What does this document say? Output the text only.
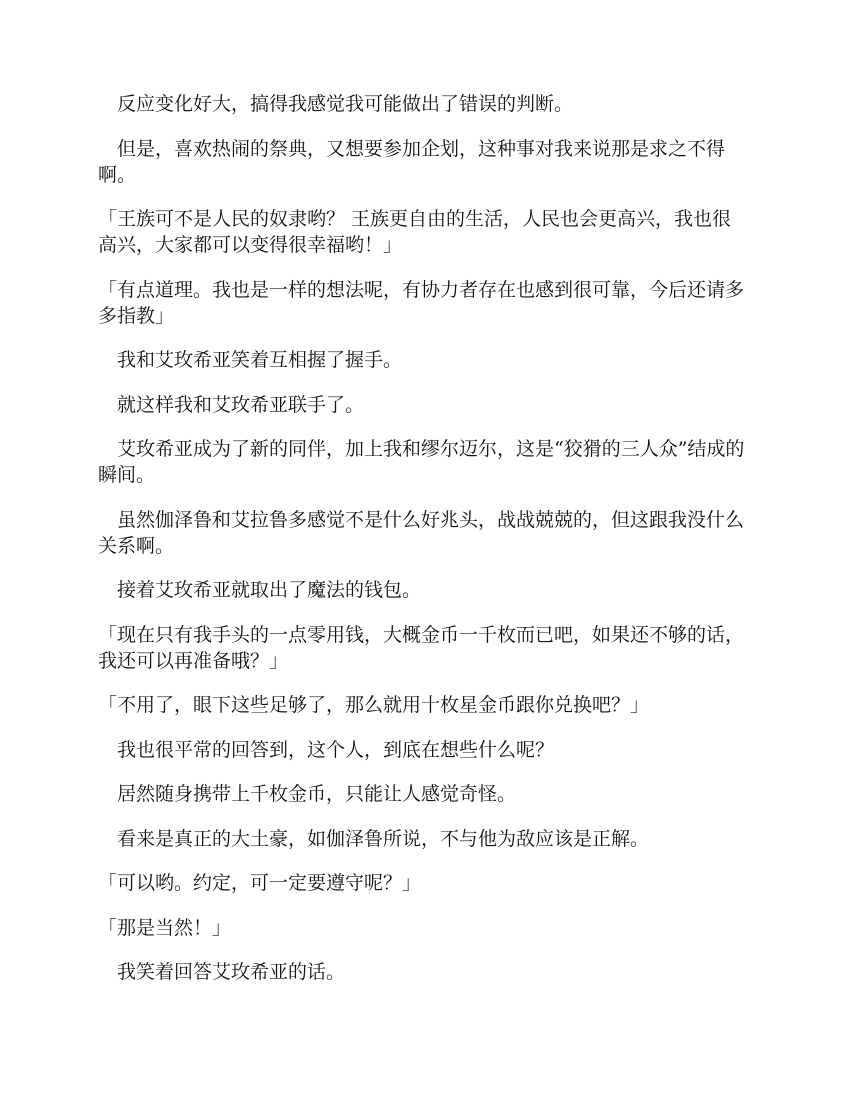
反应变化好大，搞得我感觉我可能做出了错误的判断。

但是，喜欢热闹的祭典，又想要参加企划，这种事对我来说那是求之不得啊。

「王族可不是人民的奴隶哟？ 王族更自由的生活，人民也会更高兴，我也很高兴，大家都可以变得很幸福哟！」

「有点道理。我也是一样的想法呢，有协力者存在也感到很可靠，今后还请多多指教」

我和艾玫希亚笑着互相握了握手。

就这样我和艾玫希亚联手了。

艾玫希亚成为了新的同伴，加上我和缪尔迈尔，这是“狡猾的三人众”结成的瞬间。

虽然伽泽鲁和艾拉鲁多感觉不是什么好兆头，战战兢兢的，但这跟我没什么关系啊。

接着艾玫希亚就取出了魔法的钱包。

「现在只有我手头的一点零用钱，大概金币一千枚而已吧，如果还不够的话，我还可以再准备哦？」

「不用了，眼下这些足够了，那么就用十枚星金币跟你兑换吧？」

我也很平常的回答到，这个人，到底在想些什么呢？

居然随身携带上千枚金币，只能让人感觉奇怪。

看来是真正的大土豪，如伽泽鲁所说，不与他为敌应该是正解。

「可以哟。约定，可一定要遵守呢？」

「那是当然！」

我笑着回答艾玫希亚的话。
